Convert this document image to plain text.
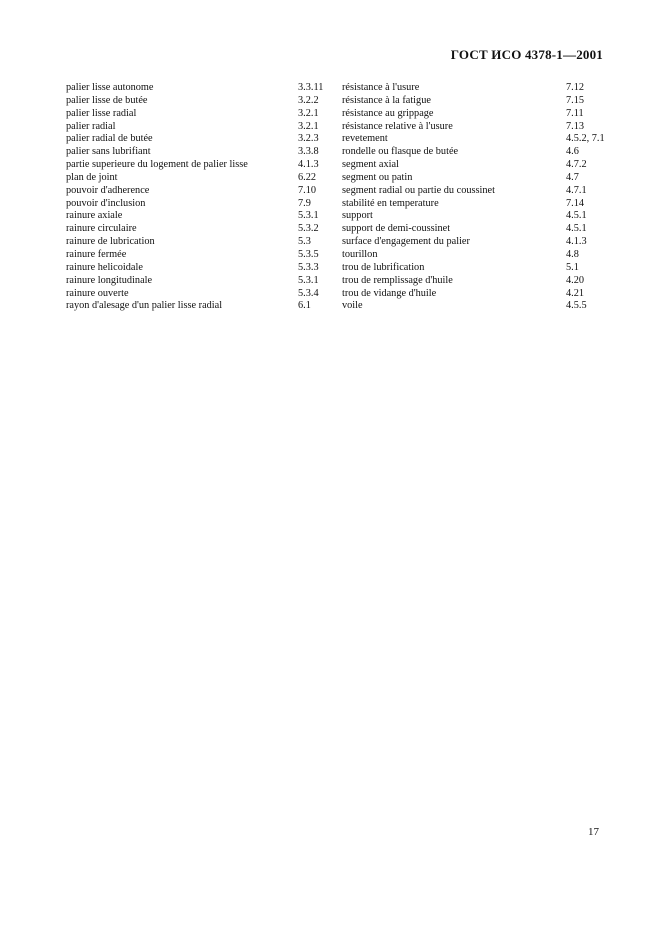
ГОСТ ИСО 4378-1—2001
palier lisse autonome	3.3.11
palier lisse de butée	3.2.2
palier lisse radial	3.2.1
palier radial	3.2.1
palier radial de butée	3.2.3
palier sans lubrifiant	3.3.8
partie superieure du logement de palier lisse	4.1.3
plan de joint	6.22
pouvoir d'adherence	7.10
pouvoir d'inclusion	7.9
rainure axiale	5.3.1
rainure circulaire	5.3.2
rainure de lubrication	5.3
rainure fermée	5.3.5
rainure helicoidale	5.3.3
rainure longitudinale	5.3.1
rainure ouverte	5.3.4
rayon d'alesage d'un palier lisse radial	6.1
résistance à l'usure	7.12
résistance à la fatigue	7.15
résistance au grippage	7.11
résistance relative à l'usure	7.13
revetement	4.5.2, 7.1
rondelle ou flasque de butée	4.6
segment axial	4.7.2
segment ou patin	4.7
segment radial ou partie du coussinet	4.7.1
stabilité en temperature	7.14
support	4.5.1
support de demi-coussinet	4.5.1
surface d'engagement du palier	4.1.3
tourillon	4.8
trou de lubrification	5.1
trou de remplissage d'huile	4.20
trou de vidange d'huile	4.21
voile	4.5.5
17
